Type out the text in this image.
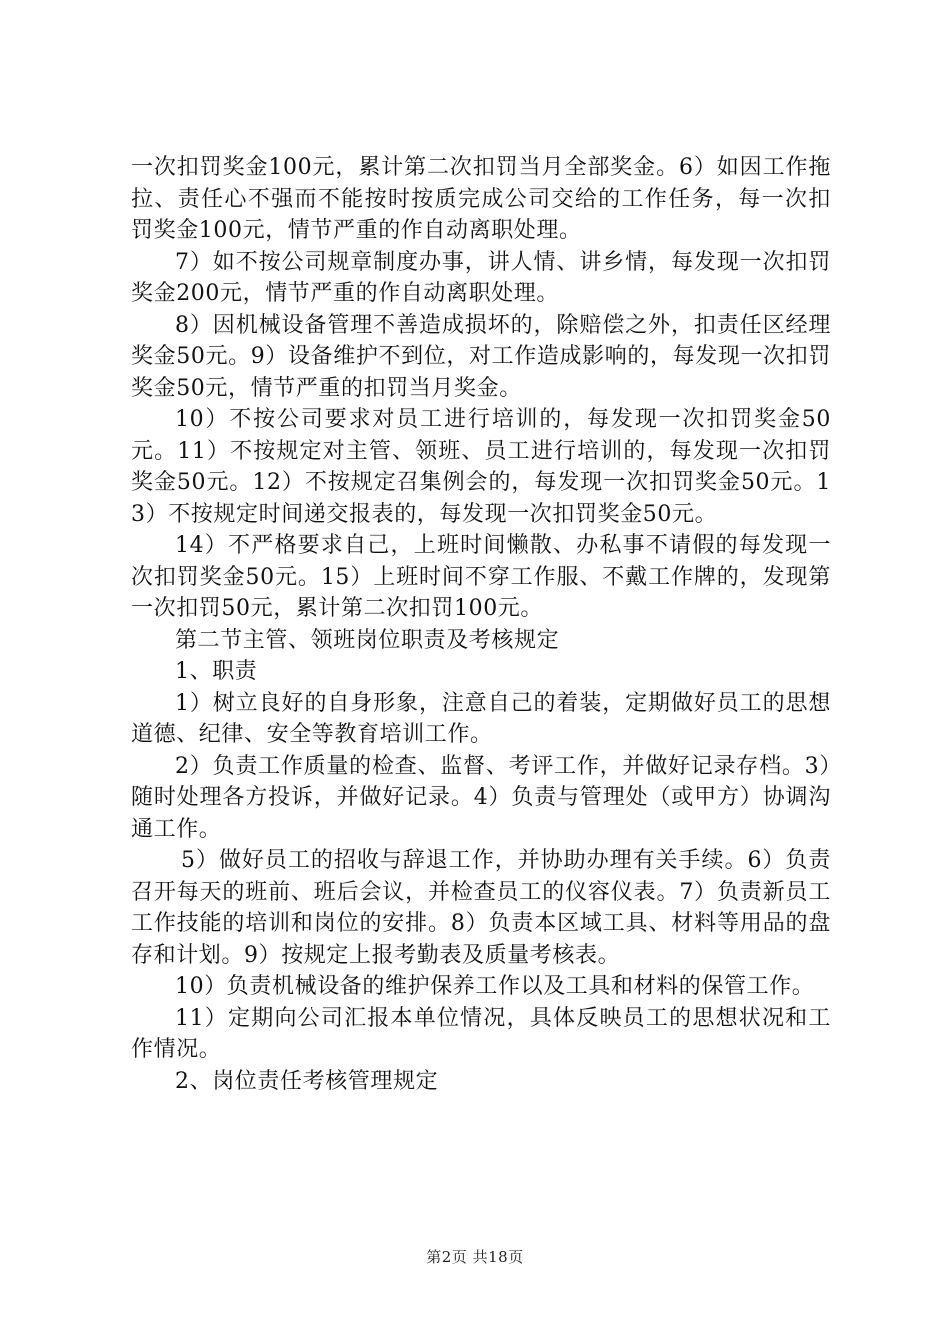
一次扣罚奖金100元，累计第二次扣罚当月全部奖金。6）如因工作拖拉、责任心不强而不能按时按质完成公司交给的工作任务，每一次扣罚奖金100元，情节严重的作自动离职处理。

7）如不按公司规章制度办事，讲人情、讲乡情，每发现一次扣罚奖金200元，情节严重的作自动离职处理。

8）因机械设备管理不善造成损坏的，除赔偿之外，扣责任区经理奖金50元。9）设备维护不到位，对工作造成影响的，每发现一次扣罚奖金50元，情节严重的扣罚当月奖金。

10）不按公司要求对员工进行培训的，每发现一次扣罚奖金50元。11）不按规定对主管、领班、员工进行培训的，每发现一次扣罚奖金50元。12）不按规定召集例会的，每发现一次扣罚奖金50元。13）不按规定时间递交报表的，每发现一次扣罚奖金50元。

14）不严格要求自己，上班时间懒散、办私事不请假的每发现一次扣罚奖金50元。15）上班时间不穿工作服、不戴工作牌的，发现第一次扣罚50元，累计第二次扣罚100元。

第二节主管、领班岗位职责及考核规定

1、职责

1）树立良好的自身形象，注意自己的着装，定期做好员工的思想道德、纪律、安全等教育培训工作。

2）负责工作质量的检查、监督、考评工作，并做好记录存档。3）随时处理各方投诉，并做好记录。4）负责与管理处（或甲方）协调沟通工作。

5）做好员工的招收与辞退工作，并协助办理有关手续。6）负责召开每天的班前、班后会议，并检查员工的仪容仪表。7）负责新员工工作技能的培训和岗位的安排。8）负责本区域工具、材料等用品的盘存和计划。9）按规定上报考勤表及质量考核表。

10）负责机械设备的维护保养工作以及工具和材料的保管工作。

11）定期向公司汇报本单位情况，具体反映员工的思想状况和工作情况。

2、岗位责任考核管理规定

第2页 共18页
